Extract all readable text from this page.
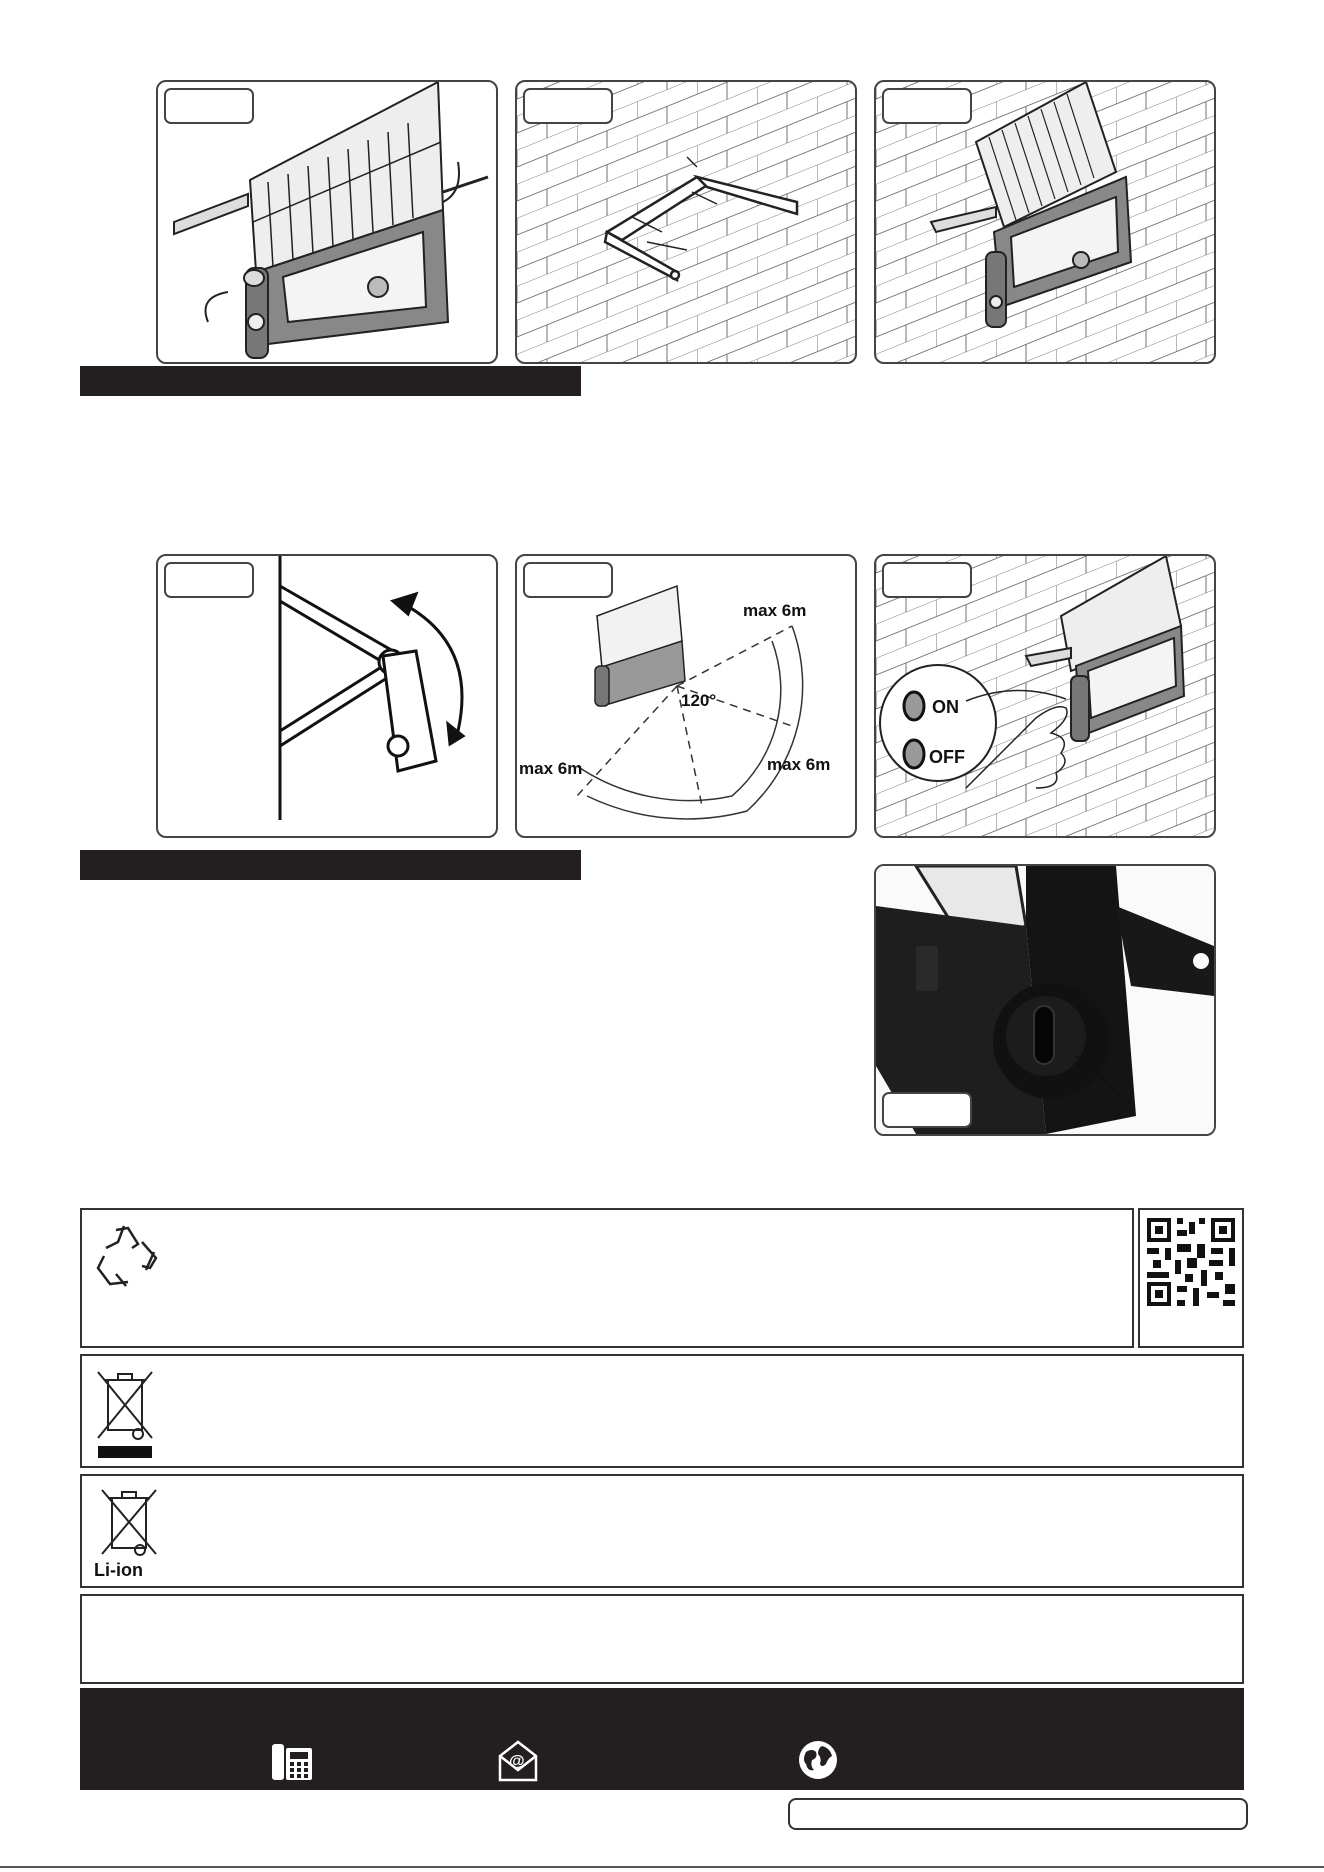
120°
max 6m
max 6m	max 6m
ON
OFF
Li-ion
@
